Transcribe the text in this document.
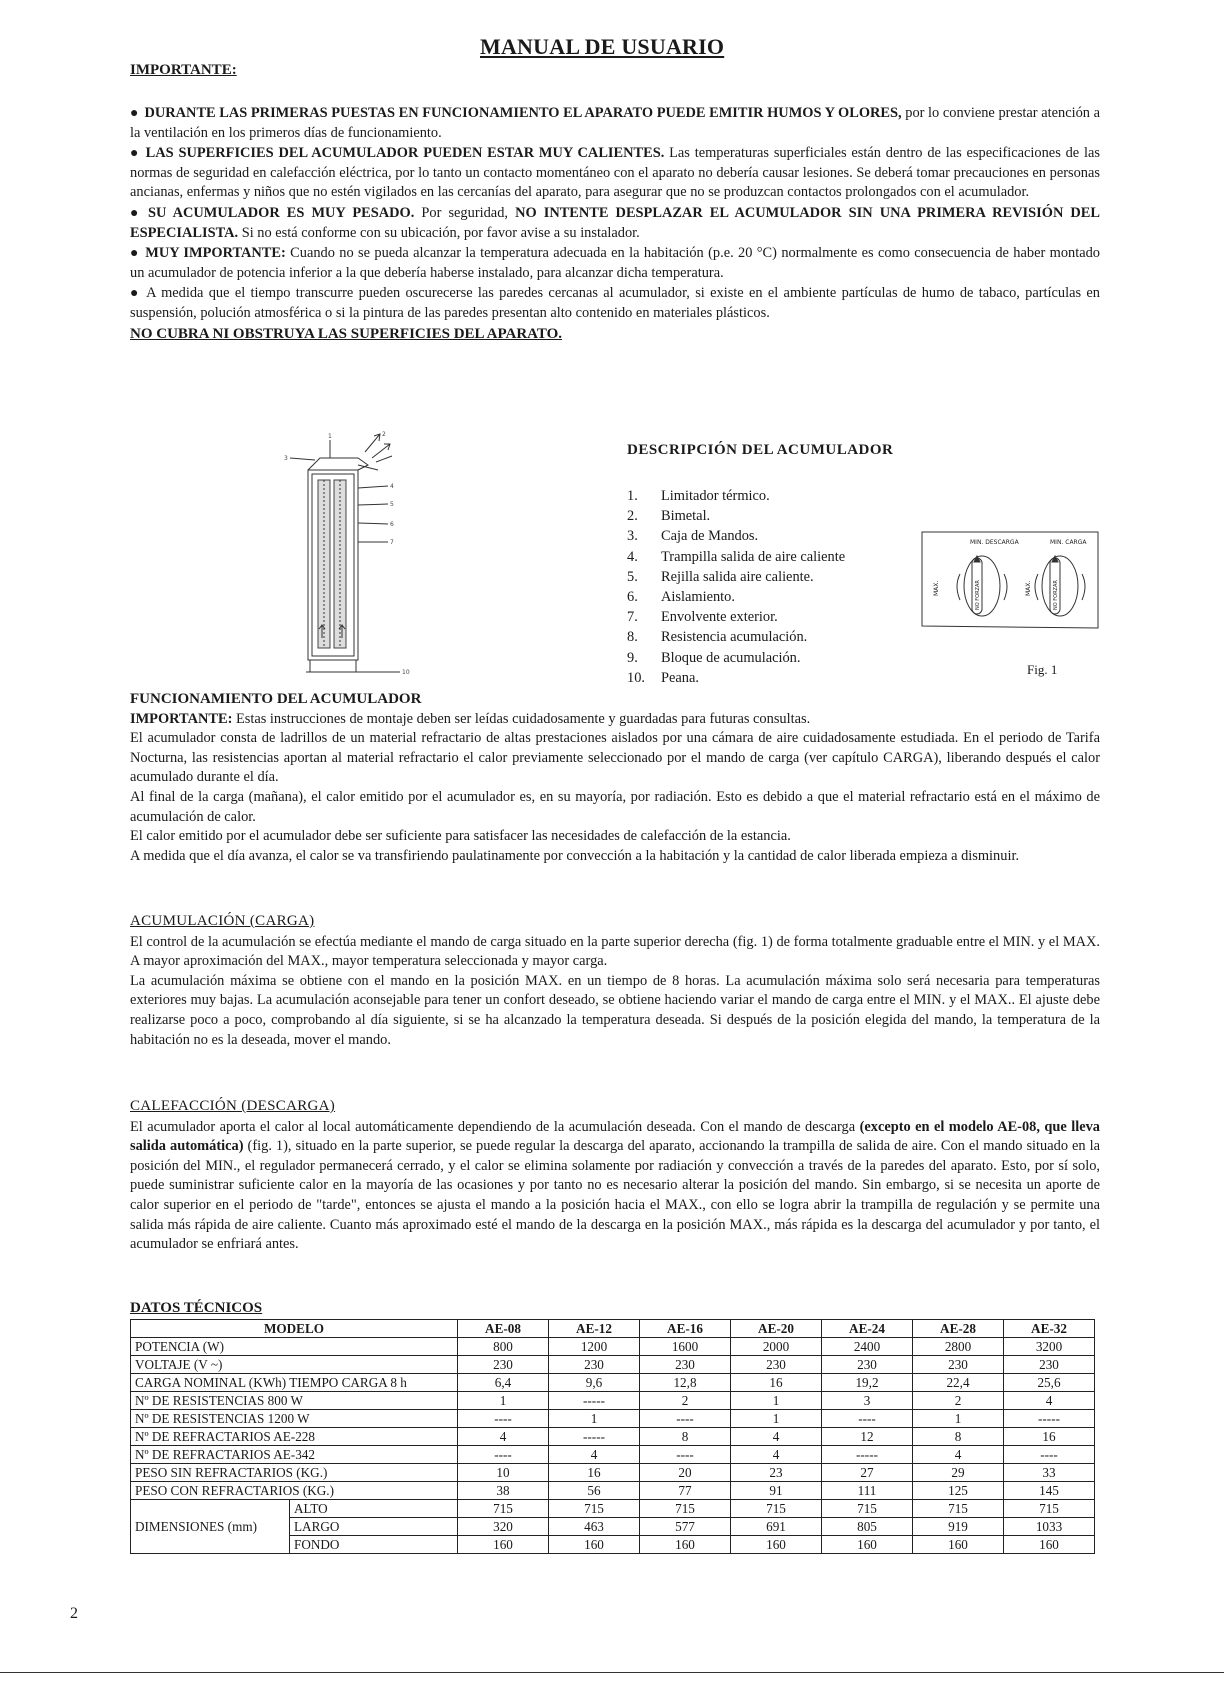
MANUAL DE USUARIO

IMPORTANTE:

● DURANTE LAS PRIMERAS PUESTAS EN FUNCIONAMIENTO EL APARATO PUEDE EMITIR HUMOS Y OLORES, por lo conviene prestar atención a la ventilación en los primeros días de funcionamiento.

● LAS SUPERFICIES DEL ACUMULADOR PUEDEN ESTAR MUY CALIENTES. Las temperaturas superficiales están dentro de las especificaciones de las normas de seguridad en calefacción eléctrica, por lo tanto un contacto momentáneo con el aparato no debería causar lesiones. Se deberá tomar precauciones en personas ancianas, enfermas y niños que no estén vigilados en las cercanías del aparato, para asegurar que no se produzcan contactos prolongados con el acumulador.

● SU ACUMULADOR ES MUY PESADO. Por seguridad, NO INTENTE DESPLAZAR EL ACUMULADOR SIN UNA PRIMERA REVISIÓN DEL ESPECIALISTA. Si no está conforme con su ubicación, por favor avise a su instalador.

● MUY IMPORTANTE: Cuando no se pueda alcanzar la temperatura adecuada en la habitación (p.e. 20 °C) normalmente es como consecuencia de haber montado un acumulador de potencia inferior a la que debería haberse instalado, para alcanzar dicha temperatura.

● A medida que el tiempo transcurre pueden oscurecerse las paredes cercanas al acumulador, si existe en el ambiente partículas de humo de tabaco, partículas en suspensión, polución atmosférica o si la pintura de las paredes presentan alto contenido en materiales plásticos.

NO CUBRA NI OBSTRUYA LAS SUPERFICIES DEL APARATO.

1	2
3
4
5
6
7
10
DESCRIPCIÓN DEL ACUMULADOR
1.	Limitador térmico.
2.	Bimetal.
3.	Caja de Mandos.
4.	Trampilla salida de aire caliente
5.	Rejilla salida aire caliente.
6.	Aislamiento.
7.	Envolvente exterior.
8.	Resistencia acumulación.
9.	Bloque de acumulación.
10.	Peana.
MIN. DESCARGA	MIN. CARGA
MAX.	MAX.
NO FORZAR	NO FORZAR

Fig. 1

FUNCIONAMIENTO DEL ACUMULADOR

IMPORTANTE: Estas instrucciones de montaje deben ser leídas cuidadosamente y guardadas para futuras consultas.

El acumulador consta de ladrillos de un material refractario de altas prestaciones aislados por una cámara de aire cuidadosamente estudiada. En el periodo de Tarifa Nocturna, las resistencias aportan al material refractario el calor previamente seleccionado por el mando de carga (ver capítulo CARGA), liberando después el calor acumulado durante el día.

Al final de la carga (mañana), el calor emitido por el acumulador es, en su mayoría, por radiación. Esto es debido a que el material refractario está en el máximo de acumulación de calor.

El calor emitido por el acumulador debe ser suficiente para satisfacer las necesidades de calefacción de la estancia.

A medida que el día avanza, el calor se va transfiriendo paulatinamente por convección a la habitación y la cantidad de calor liberada empieza a disminuir.

ACUMULACIÓN (CARGA)

El control de la acumulación se efectúa mediante el mando de carga situado en la parte superior derecha (fig. 1) de forma totalmente graduable entre el MIN. y el MAX. A mayor aproximación del MAX., mayor temperatura seleccionada y mayor carga.

La acumulación máxima se obtiene con el mando en la posición MAX. en un tiempo de 8 horas. La acumulación máxima solo será necesaria para temperaturas exteriores muy bajas. La acumulación aconsejable para tener un confort deseado, se obtiene haciendo variar el mando de carga entre el MIN. y el MAX.. El ajuste debe realizarse poco a poco, comprobando al día siguiente, si se ha alcanzado la temperatura deseada. Si después de la posición elegida del mando, la temperatura de la habitación no es la deseada, mover el mando.

CALEFACCIÓN (DESCARGA)

El acumulador aporta el calor al local automáticamente dependiendo de la acumulación deseada. Con el mando de descarga (excepto en el modelo AE-08, que lleva salida automática) (fig. 1), situado en la parte superior, se puede regular la descarga del aparato, accionando la trampilla de salida de aire. Con el mando situado en la posición del MIN., el regulador permanecerá cerrado, y el calor se elimina solamente por radiación y convección a través de la paredes del aparato. Esto, por sí solo, puede suministrar suficiente calor en la mayoría de las ocasiones y por tanto no es necesario alterar la posición del mando. Sin embargo, si se necesita un aporte de calor superior en el periodo de "tarde", entonces se ajusta el mando a la posición hacia el MAX., con ello se logra abrir la trampilla de regulación y se permite una salida más rápida de aire caliente. Cuanto más aproximado esté el mando de la descarga en la posición MAX., más rápida es la descarga del acumulador y por tanto, el acumulador se enfriará antes.

DATOS TÉCNICOS
MODELO		AE-08	AE-12	AE-16	AE-20	AE-24	AE-28	AE-32
POTENCIA (W)		800	1200	1600	2000	2400	2800	3200
VOLTAJE (V ~)		230	230	230	230	230	230	230
CARGA NOMINAL (KWh) TIEMPO CARGA 8 h		6,4	9,6	12,8	16	19,2	22,4	25,6
Nº DE RESISTENCIAS 800 W		1	-----	2	1	3	2	4
Nº DE RESISTENCIAS 1200 W		----	1	----	1	----	1	-----
Nº DE REFRACTARIOS AE-228		4	-----	8	4	12	8	16
Nº DE REFRACTARIOS AE-342		----	4	----	4	-----	4	----
PESO SIN REFRACTARIOS (KG.)		10	16	20	23	27	29	33
PESO CON REFRACTARIOS (KG.)		38	56	77	91	111	125	145
DIMENSIONES (mm)	ALTO	715	715	715	715	715	715	715
	LARGO	320	463	577	691	805	919	1033
	FONDO	160	160	160	160	160	160	160

2
